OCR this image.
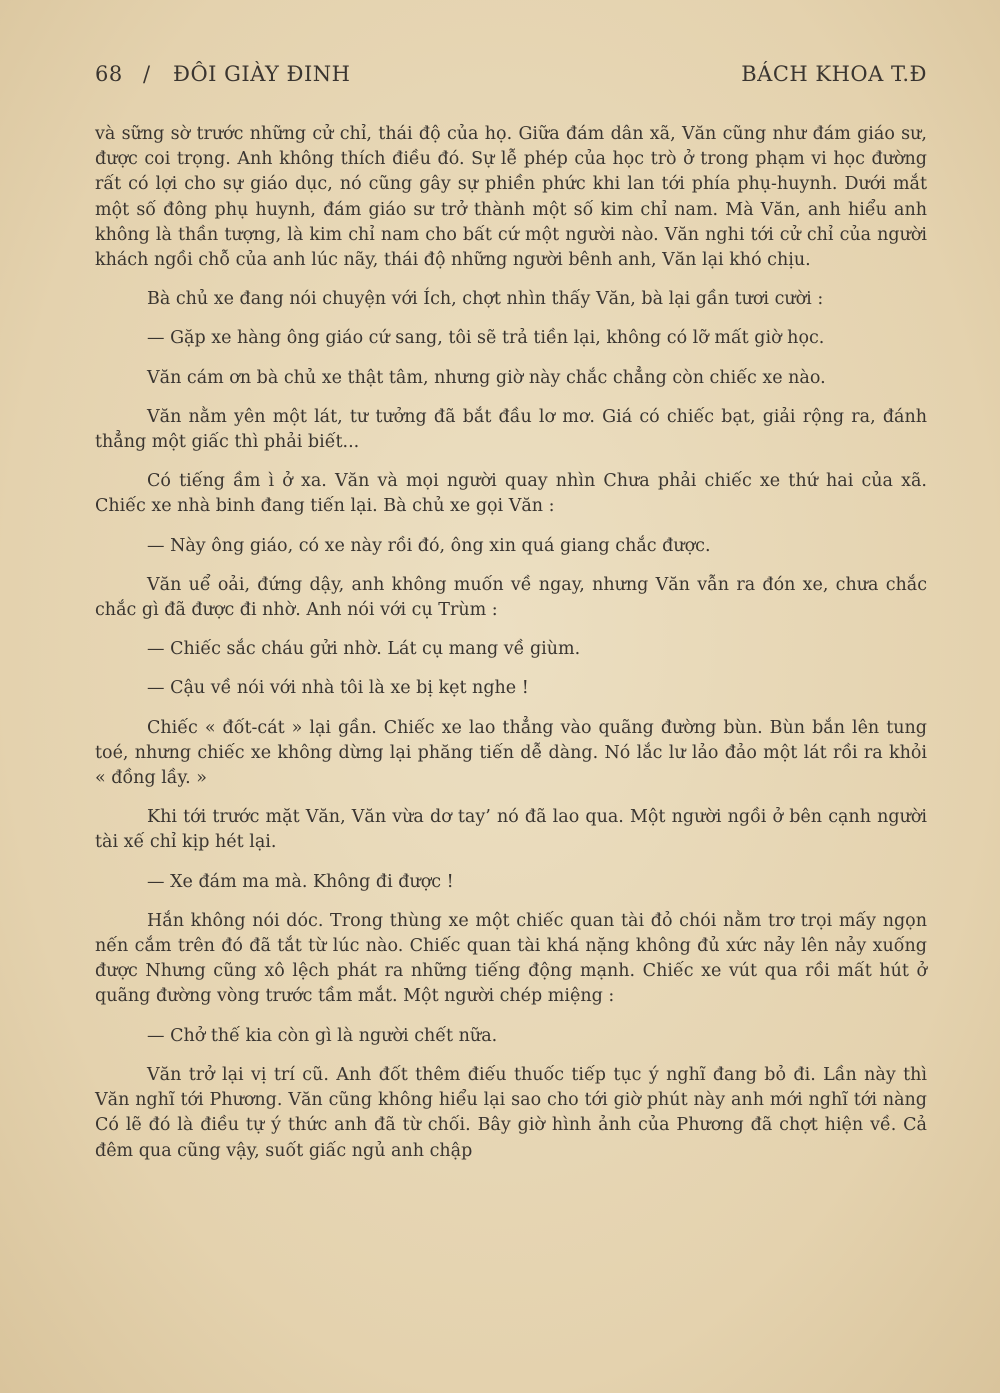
68 / ĐÔI GIÀY ĐINH	BÁCH KHOA T.Đ

và sững sờ trước những cử chỉ, thái độ của họ. Giữa đám dân xã, Văn cũng như đám giáo sư, được coi trọng. Anh không thích điều đó. Sự lễ phép của học trò ở trong phạm vi học đường rất có lợi cho sự giáo dục, nó cũng gây sự phiền phức khi lan tới phía phụ-huynh. Dưới mắt một số đông phụ huynh, đám giáo sư trở thành một số kim chỉ nam. Mà Văn, anh hiểu anh không là thần tượng, là kim chỉ nam cho bất cứ một người nào. Văn nghi tới cử chỉ của người khách ngồi chỗ của anh lúc nãy, thái độ những người bênh anh, Văn lại khó chịu.

Bà chủ xe đang nói chuyện với Ích, chợt nhìn thấy Văn, bà lại gần tươi cười :

— Gặp xe hàng ông giáo cứ sang, tôi sẽ trả tiền lại, không có lỡ mất giờ học.

Văn cám ơn bà chủ xe thật tâm, nhưng giờ này chắc chẳng còn chiếc xe nào.

Văn nằm yên một lát, tư tưởng đã bắt đầu lơ mơ. Giá có chiếc bạt, giải rộng ra, đánh thẳng một giấc thì phải biết...

Có tiếng ầm ì ở xa. Văn và mọi người quay nhìn Chưa phải chiếc xe thứ hai của xã. Chiếc xe nhà binh đang tiến lại. Bà chủ xe gọi Văn :

— Này ông giáo, có xe này rồi đó, ông xin quá giang chắc được.

Văn uể oải, đứng dậy, anh không muốn về ngay, nhưng Văn vẫn ra đón xe, chưa chắc chắc gì đã được đi nhờ. Anh nói với cụ Trùm :

— Chiếc sắc cháu gửi nhờ. Lát cụ mang về giùm.

— Cậu về nói với nhà tôi là xe bị kẹt nghe !

Chiếc « đốt-cát » lại gần. Chiếc xe lao thẳng vào quãng đường bùn. Bùn bắn lên tung toé, nhưng chiếc xe không dừng lại phăng tiến dễ dàng. Nó lắc lư lảo đảo một lát rồi ra khỏi « đồng lầy. »

Khi tới trước mặt Văn, Văn vừa dơ tay’ nó đã lao qua. Một người ngồi ở bên cạnh người tài xế chỉ kịp hét lại.

— Xe đám ma mà. Không đi được !

Hắn không nói dóc. Trong thùng xe một chiếc quan tài đỏ chói nằm trơ trọi mấy ngọn nến cắm trên đó đã tắt từ lúc nào. Chiếc quan tài khá nặng không đủ xức nảy lên nảy xuống được Nhưng cũng xô lệch phát ra những tiếng động mạnh. Chiếc xe vút qua rồi mất hút ở quãng đường vòng trước tầm mắt. Một người chép miệng :

— Chở thế kia còn gì là người chết nữa.

Văn trở lại vị trí cũ. Anh đốt thêm điếu thuốc tiếp tục ý nghĩ đang bỏ đi. Lần này thì Văn nghĩ tới Phương. Văn cũng không hiểu lại sao cho tới giờ phút này anh mới nghĩ tới nàng Có lẽ đó là điều tự ý thức anh đã từ chối. Bây giờ hình ảnh của Phương đã chợt hiện về. Cả đêm qua cũng vậy, suốt giấc ngủ anh chập
